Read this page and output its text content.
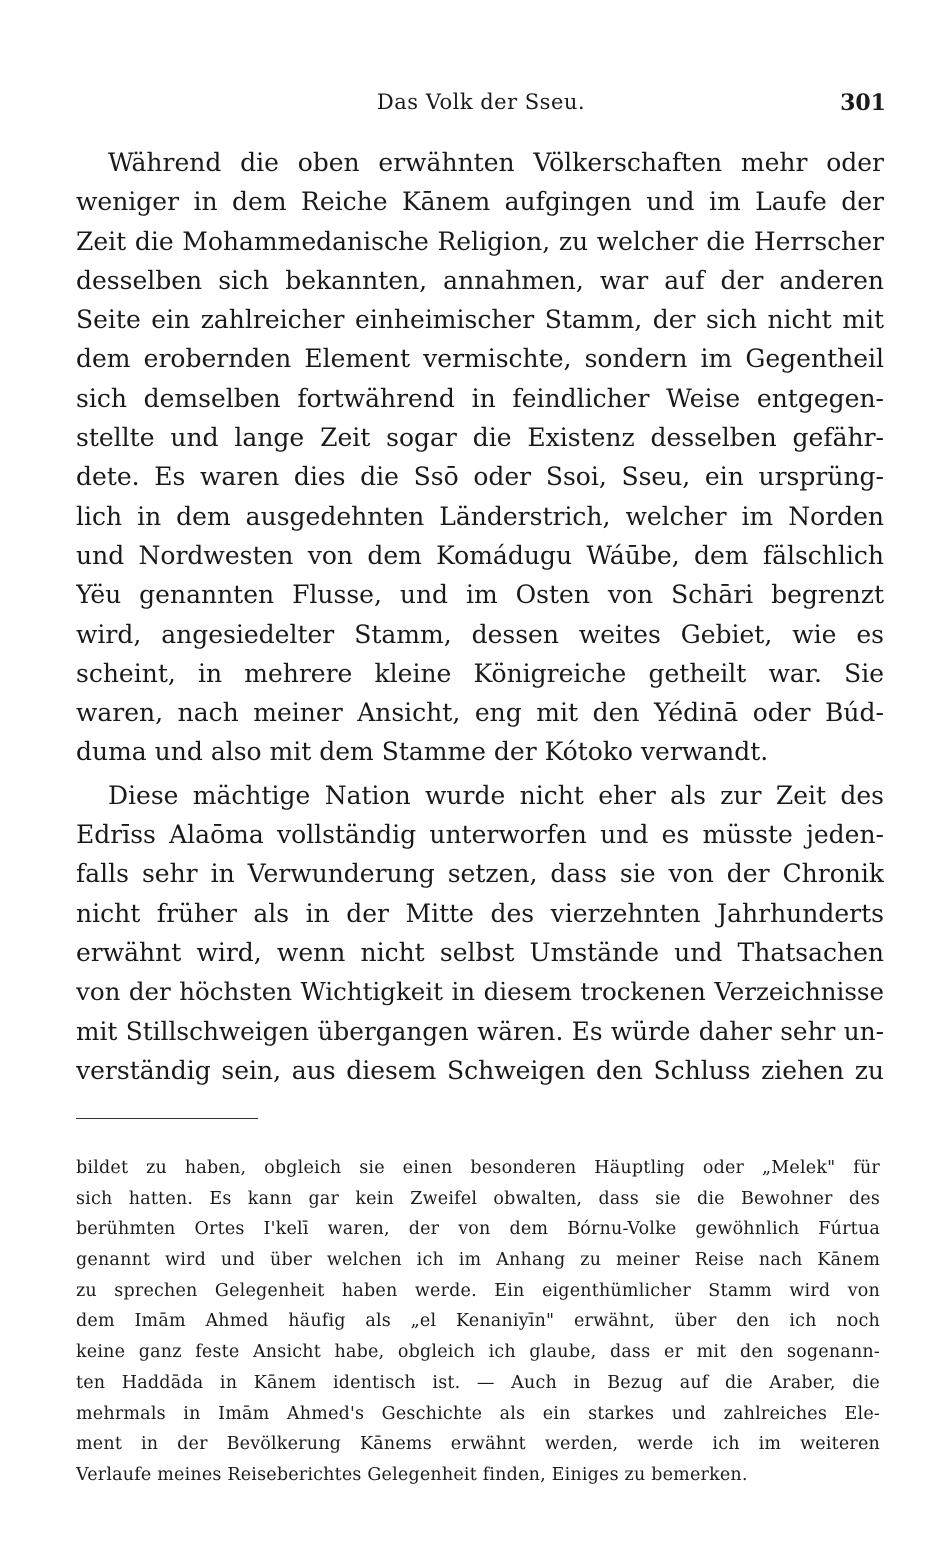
Das Volk der Sseu.	301
Während die oben erwähnten Völkerschaften mehr oder
weniger in dem Reiche Kānem aufgingen und im Laufe der
Zeit die Mohammedanische Religion, zu welcher die Herrscher
desselben sich bekannten, annahmen, war auf der anderen
Seite ein zahlreicher einheimischer Stamm, der sich nicht mit
dem erobernden Element vermischte, sondern im Gegentheil
sich demselben fortwährend in feindlicher Weise entgegen-
stellte und lange Zeit sogar die Existenz desselben gefähr-
dete. Es waren dies die Ssō oder Ssoi, Sseu, ein ursprüng-
lich in dem ausgedehnten Länderstrich, welcher im Norden
und Nordwesten von dem Komádugu Wáūbe, dem fälschlich
Yëu genannten Flusse, und im Osten von Schāri begrenzt
wird, angesiedelter Stamm, dessen weites Gebiet, wie es
scheint, in mehrere kleine Königreiche getheilt war. Sie
waren, nach meiner Ansicht, eng mit den Yédinā oder Búd-
duma und also mit dem Stamme der Kótoko verwandt.
Diese mächtige Nation wurde nicht eher als zur Zeit des
Edrīss Alaōma vollständig unterworfen und es müsste jeden-
falls sehr in Verwunderung setzen, dass sie von der Chronik
nicht früher als in der Mitte des vierzehnten Jahrhunderts
erwähnt wird, wenn nicht selbst Umstände und Thatsachen
von der höchsten Wichtigkeit in diesem trockenen Verzeichnisse
mit Stillschweigen übergangen wären. Es würde daher sehr un-
verständig sein, aus diesem Schweigen den Schluss ziehen zu
bildet zu haben, obgleich sie einen besonderen Häuptling oder „Melek" für
sich hatten. Es kann gar kein Zweifel obwalten, dass sie die Bewohner des
berühmten Ortes I'kelī waren, der von dem Bórnu-Volke gewöhnlich Fúrtua
genannt wird und über welchen ich im Anhang zu meiner Reise nach Kānem
zu sprechen Gelegenheit haben werde. Ein eigenthümlicher Stamm wird von
dem Imām Ahmed häufig als „el Kenaniyīn" erwähnt, über den ich noch
keine ganz feste Ansicht habe, obgleich ich glaube, dass er mit den sogenann-
ten Haddāda in Kānem identisch ist. — Auch in Bezug auf die Araber, die
mehrmals in Imām Ahmed's Geschichte als ein starkes und zahlreiches Ele-
ment in der Bevölkerung Kānems erwähnt werden, werde ich im weiteren
Verlaufe meines Reiseberichtes Gelegenheit finden, Einiges zu bemerken.
